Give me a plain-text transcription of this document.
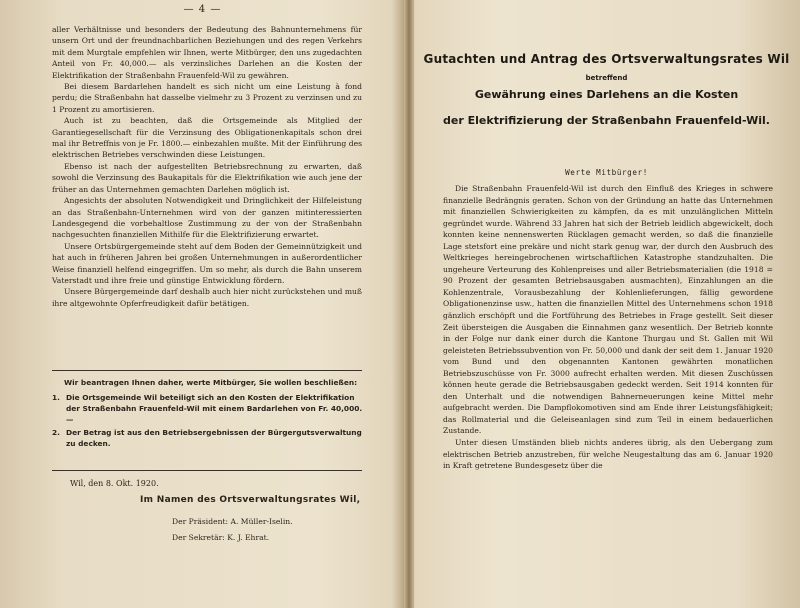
— 4 —

aller Verhältnisse und besonders der Bedeutung des Bahnunternehmens für unsern Ort und der freundnachbarlichen Beziehungen und des regen Verkehrs mit dem Murgtale empfehlen wir Ihnen, werte Mitbürger, den uns zugedachten Anteil von Fr. 40,000.— als verzinsliches Darlehen an die Kosten der Elektrifikation der Straßenbahn Frauenfeld-Wil zu gewähren.

Bei diesem Bardarlehen handelt es sich nicht um eine Leistung à fond perdu; die Straßenbahn hat dasselbe vielmehr zu 3 Prozent zu verzinsen und zu 1 Prozent zu amortisieren.

Auch ist zu beachten, daß die Ortsgemeinde als Mitglied der Garantiegesellschaft für die Verzinsung des Obligationenkapitals schon drei mal ihr Betreffnis von je Fr. 1800.— einbezahlen mußte. Mit der Einführung des elektrischen Betriebes verschwinden diese Leistungen.

Ebenso ist nach der aufgestellten Betriebsrechnung zu erwarten, daß sowohl die Verzinsung des Baukapitals für die Elektrifikation wie auch jene der früher an das Unternehmen gemachten Darlehen möglich ist.

Angesichts der absoluten Notwendigkeit und Dringlichkeit der Hilfeleistung an das Straßenbahn-Unternehmen wird von der ganzen mitinteressierten Landesgegend die vorbehaltlose Zustimmung zu der von der Straßenbahn nachgesuchten finanziellen Mithilfe für die Elektrifizierung erwartet.

Unsere Ortsbürgergemeinde steht auf dem Boden der Gemeinnützigkeit und hat auch in früheren Jahren bei großen Unternehmungen in außerordentlicher Weise finanziell helfend eingegriffen. Um so mehr, als durch die Bahn unserem Vaterstadt und ihre freie und günstige Entwicklung fördern.

Unsere Bürgergemeinde darf deshalb auch hier nicht zurückstehen und muß ihre altgewohnte Opferfreudigkeit dafür betätigen.

Wir beantragen Ihnen daher, werte Mitbürger, Sie wollen beschließen:

1. Die Ortsgemeinde Wil beteiligt sich an den Kosten der Elektrifikation der Straßenbahn Frauenfeld-Wil mit einem Bardarlehen von Fr. 40,000.—
2. Der Betrag ist aus den Betriebsergebnissen der Bürgergutsverwaltung zu decken.
Wil, den 8. Okt. 1920.
Im Namen des Ortsverwaltungsrates Wil,
Der Präsident: A. Müller-Iselin.
Der Sekretär: K. J. Ehrat.
Gutachten und Antrag des Ortsverwaltungsrates Wil
betreffend
Gewährung eines Darlehens an die Kosten
der Elektrifizierung der Straßenbahn Frauenfeld-Wil.
Werte Mitbürger!

Die Straßenbahn Frauenfeld-Wil ist durch den Einfluß des Krieges in schwere finanzielle Bedrängnis geraten. Schon von der Gründung an hatte das Unternehmen mit finanziellen Schwierigkeiten zu kämpfen, da es mit unzulänglichen Mitteln gegründet wurde. Während 33 Jahren hat sich der Betrieb leidlich abgewickelt, doch konnten keine nennenswerten Rücklagen gemacht werden, so daß die finanzielle Lage stetsfort eine prekäre und nicht stark genug war, der durch den Ausbruch des Weltkrieges hereingebrochenen wirtschaftlichen Katastrophe standzuhalten. Die ungeheure Verteurung des Kohlenpreises und aller Betriebsmaterialien (die 1918 = 90 Prozent der gesamten Betriebsausgaben ausmachten), Einzahlungen an die Kohlenzentrale, Vorausbezahlung der Kohlenlieferungen, fällig gewordene Obligationenzinse usw., hatten die finanziellen Mittel des Unternehmens schon 1918 gänzlich erschöpft und die Fortführung des Betriebes in Frage gestellt. Seit dieser Zeit übersteigen die Ausgaben die Einnahmen ganz wesentlich. Der Betrieb konnte in der Folge nur dank einer durch die Kantone Thurgau und St. Gallen mit Wil geleisteten Betriebssubvention von Fr. 50,000 und dank der seit dem 1. Januar 1920 vom Bund und den obgenannten Kantonen gewährten monatlichen Betriebszuschüsse von Fr. 3000 aufrecht erhalten werden. Mit diesen Zuschüssen können heute gerade die Betriebsausgaben gedeckt werden. Seit 1914 konnten für den Unterhalt und die notwendigen Bahnerneuerungen keine Mittel mehr aufgebracht werden. Die Dampflokomotiven sind am Ende ihrer Leistungsfähigkeit; das Rollmaterial und die Geleiseanlagen sind zum Teil in einem bedauerlichen Zustande.

Unter diesen Umständen blieb nichts anderes übrig, als den Uebergang zum elektrischen Betrieb anzustreben, für welche Neugestaltung das am 6. Januar 1920 in Kraft getretene Bundesgesetz über die
